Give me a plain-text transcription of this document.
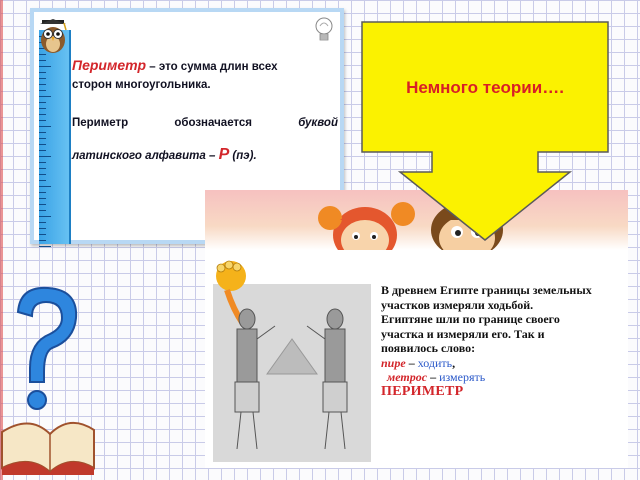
Периметр – это сумма длин всех
сторон многоугольника.
Периметр	обозначается	буквой
латинского алфавита – Р (пэ).
В древнем Египте границы земельных
участков измеряли ходьбой.
Египтяне шли по границе своего
участка и измеряли его. Так и
появилось слово:
пире – ходить,
метрос – измерять
ПЕРИМЕТР
Немного теории….
